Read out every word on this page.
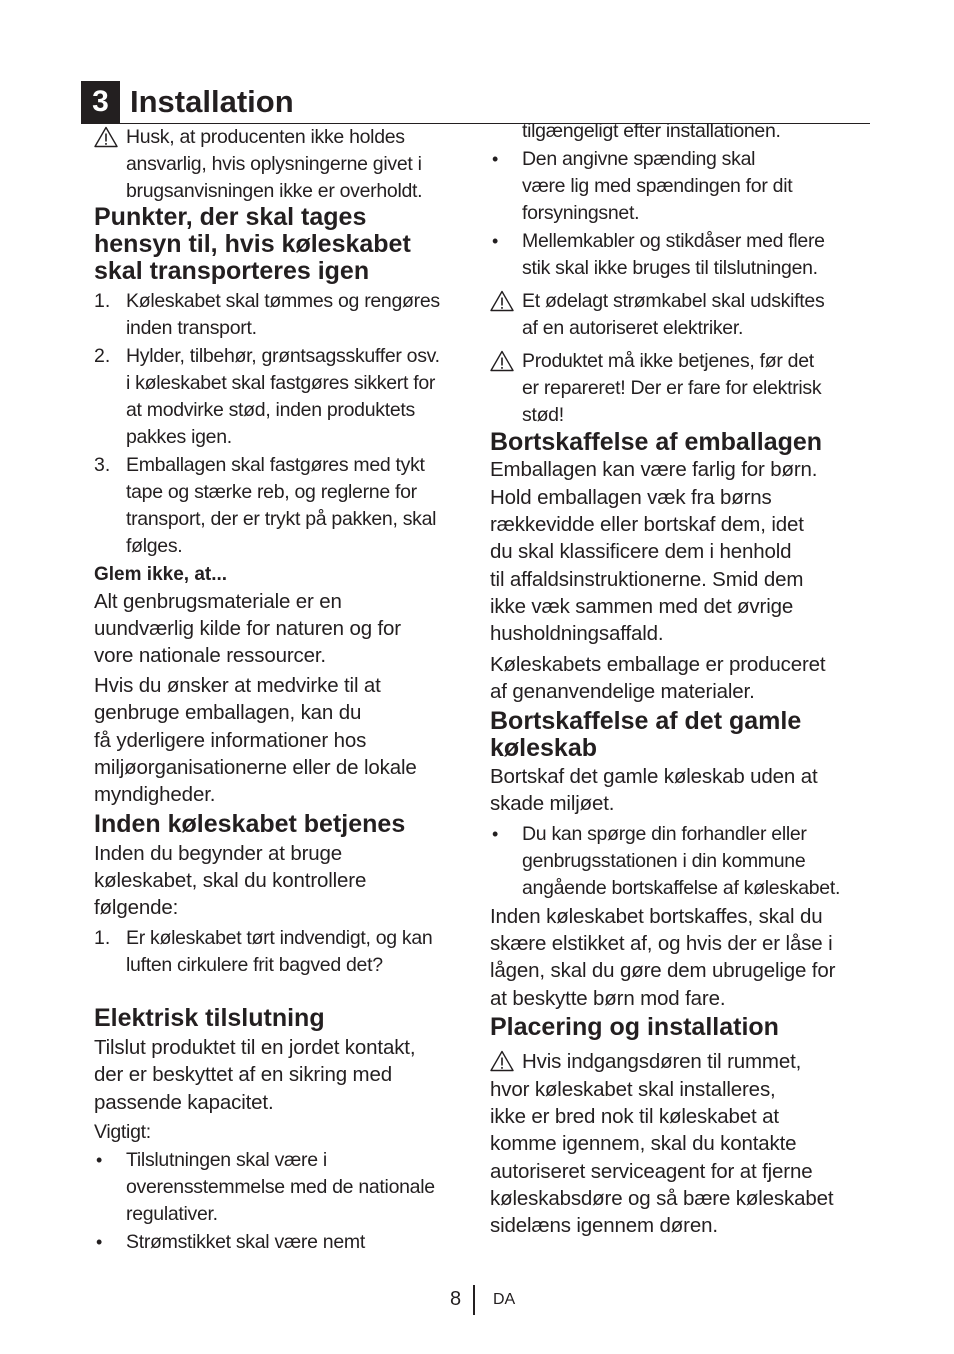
3 Installation
Husk, at producenten ikke holdes
ansvarlig, hvis oplysningerne givet i
brugsanvisningen ikke er overholdt.
Punkter, der skal tages
hensyn til, hvis køleskabet
skal transporteres igen
1. Køleskabet skal tømmes og rengøres
inden transport.
2. Hylder, tilbehør, grøntsagsskuffer osv.
i køleskabet skal fastgøres sikkert for
at modvirke stød, inden produktets
pakkes igen.
3. Emballagen skal fastgøres med tykt
tape og stærke reb, og reglerne for
transport, der er trykt på pakken, skal
følges.
Glem ikke, at...
Alt genbrugsmateriale er en
uundværlig kilde for naturen og for
vore nationale ressourcer.
Hvis du ønsker at medvirke til at
genbruge emballagen, kan du
få yderligere informationer hos
miljøorganisationerne eller de lokale
myndigheder.
Inden køleskabet betjenes
Inden du begynder at bruge
køleskabet, skal du kontrollere
følgende:
1. Er køleskabet tørt indvendigt, og kan
luften cirkulere frit bagved det?
Elektrisk tilslutning
Tilslut produktet til en jordet kontakt,
der er beskyttet af en sikring med
passende kapacitet.
Vigtigt:
• Tilslutningen skal være i
overensstemmelse med de nationale
regulativer.
• Strømstikket skal være nemt
tilgængeligt efter installationen.
• Den angivne spænding skal
være lig med spændingen for dit
forsyningsnet.
• Mellemkabler og stikdåser med flere
stik skal ikke bruges til tilslutningen.
Et ødelagt strømkabel skal udskiftes
af en autoriseret elektriker.
Produktet må ikke betjenes, før det
er repareret! Der er fare for elektrisk
stød!
Bortskaffelse af emballagen
Emballagen kan være farlig for børn.
Hold emballagen væk fra børns
rækkevidde eller bortskaf dem, idet
du skal klassificere dem i henhold
til affaldsinstruktionerne. Smid dem
ikke væk sammen med det øvrige
husholdningsaffald.
Køleskabets emballage er produceret
af genanvendelige materialer.
Bortskaffelse af det gamle
køleskab
Bortskaf det gamle køleskab uden at
skade miljøet.
• Du kan spørge din forhandler eller
genbrugsstationen i din kommune
angående bortskaffelse af køleskabet.
Inden køleskabet bortskaffes, skal du
skære elstikket af, og hvis der er låse i
lågen, skal du gøre dem ubrugelige for
at beskytte børn mod fare.
Placering og installation
Hvis indgangsdøren til rummet,
hvor køleskabet skal installeres,
ikke er bred nok til køleskabet at
komme igennem, skal du kontakte
autoriseret serviceagent for at fjerne
køleskabsdøre og så bære køleskabet
sidelæns igennem døren.
8 DA
